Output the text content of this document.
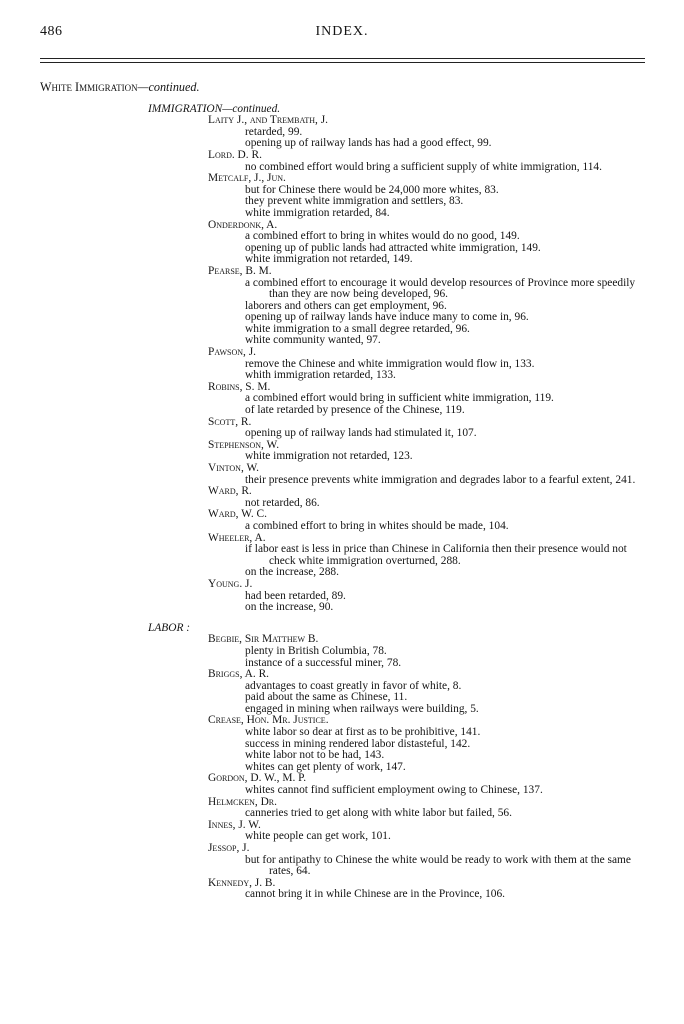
486	INDEX.
White Immigration—continued.
IMMIGRATION—continued.
Laity J., and Trembath, J.
retarded, 99.
opening up of railway lands has had a good effect, 99.
Lord. D. R.
no combined effort would bring a sufficient supply of white immigration, 114.
Metcalf, J., Jun.
but for Chinese there would be 24,000 more whites, 83.
they prevent white immigration and settlers, 83.
white immigration retarded, 84.
Onderdonk, A.
a combined effort to bring in whites would do no good, 149.
opening up of public lands had attracted white immigration, 149.
white immigration not retarded, 149.
Pearse, B. M.
a combined effort to encourage it would develop resources of Province more speedily than they are now being developed, 96.
laborers and others can get employment, 96.
opening up of railway lands have induce many to come in, 96.
white immigration to a small degree retarded, 96.
white community wanted, 97.
Pawson, J.
remove the Chinese and white immigration would flow in, 133.
whith immigration retarded, 133.
Robins, S. M.
a combined effort would bring in sufficient white immigration, 119.
of late retarded by presence of the Chinese, 119.
Scott, R.
opening up of railway lands had stimulated it, 107.
Stephenson, W.
white immigration not retarded, 123.
Vinton, W.
their presence prevents white immigration and degrades labor to a fearful extent, 241.
Ward, R.
not retarded, 86.
Ward, W. C.
a combined effort to bring in whites should be made, 104.
Wheeler, A.
if labor east is less in price than Chinese in California then their presence would not check white immigration overturned, 288.
on the increase, 288.
Young. J.
had been retarded, 89.
on the increase, 90.
LABOR :
Begbie, Sir Matthew B.
plenty in British Columbia, 78.
instance of a successful miner, 78.
Briggs, A. R.
advantages to coast greatly in favor of white, 8.
paid about the same as Chinese, 11.
engaged in mining when railways were building, 5.
Crease, Hon. Mr. Justice.
white labor so dear at first as to be prohibitive, 141.
success in mining rendered labor distasteful, 142.
white labor not to be had, 143.
whites can get plenty of work, 147.
Gordon, D. W., M. P.
whites cannot find sufficient employment owing to Chinese, 137.
Helmcken, Dr.
canneries tried to get along with white labor but failed, 56.
Innes, J. W.
white people can get work, 101.
Jessop, J.
but for antipathy to Chinese the white would be ready to work with them at the same rates, 64.
Kennedy, J. B.
cannot bring it in while Chinese are in the Province, 106.
